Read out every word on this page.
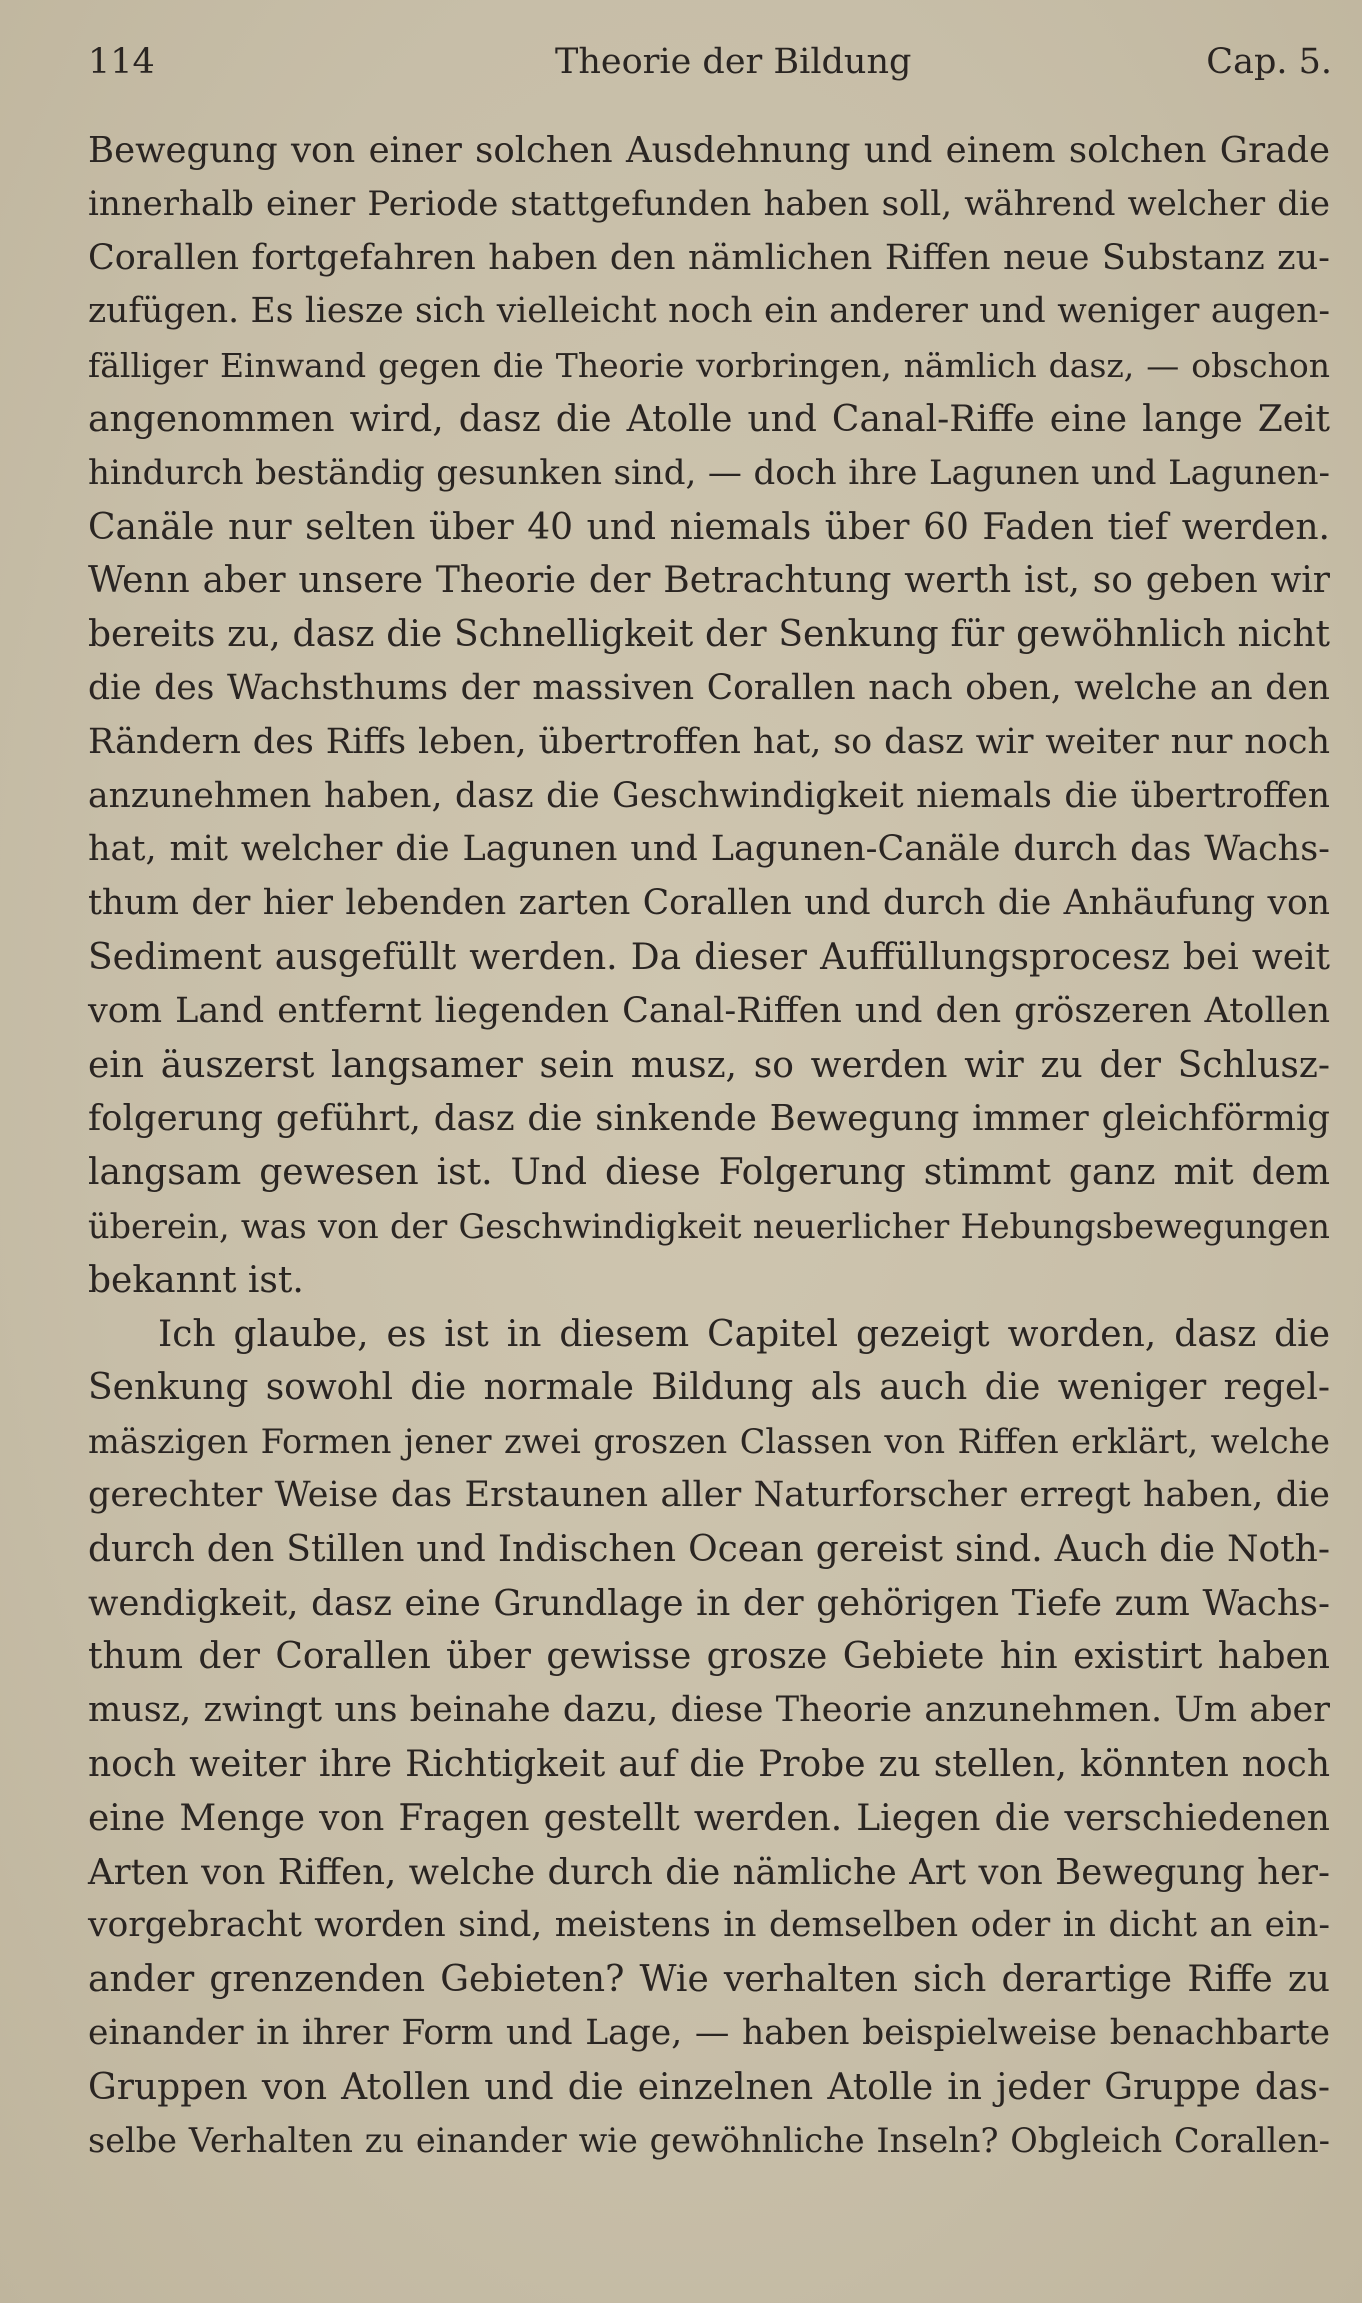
114	Theorie der Bildung	Cap. 5.
Bewegung von einer solchen Ausdehnung und einem solchen Grade
innerhalb einer Periode stattgefunden haben soll, während welcher die
Corallen fortgefahren haben den nämlichen Riffen neue Substanz zu-
zufügen. Es liesze sich vielleicht noch ein anderer und weniger augen-
fälliger Einwand gegen die Theorie vorbringen, nämlich dasz, — obschon
angenommen wird, dasz die Atolle und Canal-Riffe eine lange Zeit
hindurch beständig gesunken sind, — doch ihre Lagunen und Lagunen-
Canäle nur selten über 40 und niemals über 60 Faden tief werden.
Wenn aber unsere Theorie der Betrachtung werth ist, so geben wir
bereits zu, dasz die Schnelligkeit der Senkung für gewöhnlich nicht
die des Wachsthums der massiven Corallen nach oben, welche an den
Rändern des Riffs leben, übertroffen hat, so dasz wir weiter nur noch
anzunehmen haben, dasz die Geschwindigkeit niemals die übertroffen
hat, mit welcher die Lagunen und Lagunen-Canäle durch das Wachs-
thum der hier lebenden zarten Corallen und durch die Anhäufung von
Sediment ausgefüllt werden. Da dieser Auffüllungsprocesz bei weit
vom Land entfernt liegenden Canal-Riffen und den gröszeren Atollen
ein äuszerst langsamer sein musz, so werden wir zu der Schlusz-
folgerung geführt, dasz die sinkende Bewegung immer gleichförmig
langsam gewesen ist. Und diese Folgerung stimmt ganz mit dem
überein, was von der Geschwindigkeit neuerlicher Hebungsbewegungen
bekannt ist.
Ich glaube, es ist in diesem Capitel gezeigt worden, dasz die
Senkung sowohl die normale Bildung als auch die weniger regel-
mäszigen Formen jener zwei groszen Classen von Riffen erklärt, welche
gerechter Weise das Erstaunen aller Naturforscher erregt haben, die
durch den Stillen und Indischen Ocean gereist sind. Auch die Noth-
wendigkeit, dasz eine Grundlage in der gehörigen Tiefe zum Wachs-
thum der Corallen über gewisse grosze Gebiete hin existirt haben
musz, zwingt uns beinahe dazu, diese Theorie anzunehmen. Um aber
noch weiter ihre Richtigkeit auf die Probe zu stellen, könnten noch
eine Menge von Fragen gestellt werden. Liegen die verschiedenen
Arten von Riffen, welche durch die nämliche Art von Bewegung her-
vorgebracht worden sind, meistens in demselben oder in dicht an ein-
ander grenzenden Gebieten? Wie verhalten sich derartige Riffe zu
einander in ihrer Form und Lage, — haben beispielweise benachbarte
Gruppen von Atollen und die einzelnen Atolle in jeder Gruppe das-
selbe Verhalten zu einander wie gewöhnliche Inseln? Obgleich Corallen-
